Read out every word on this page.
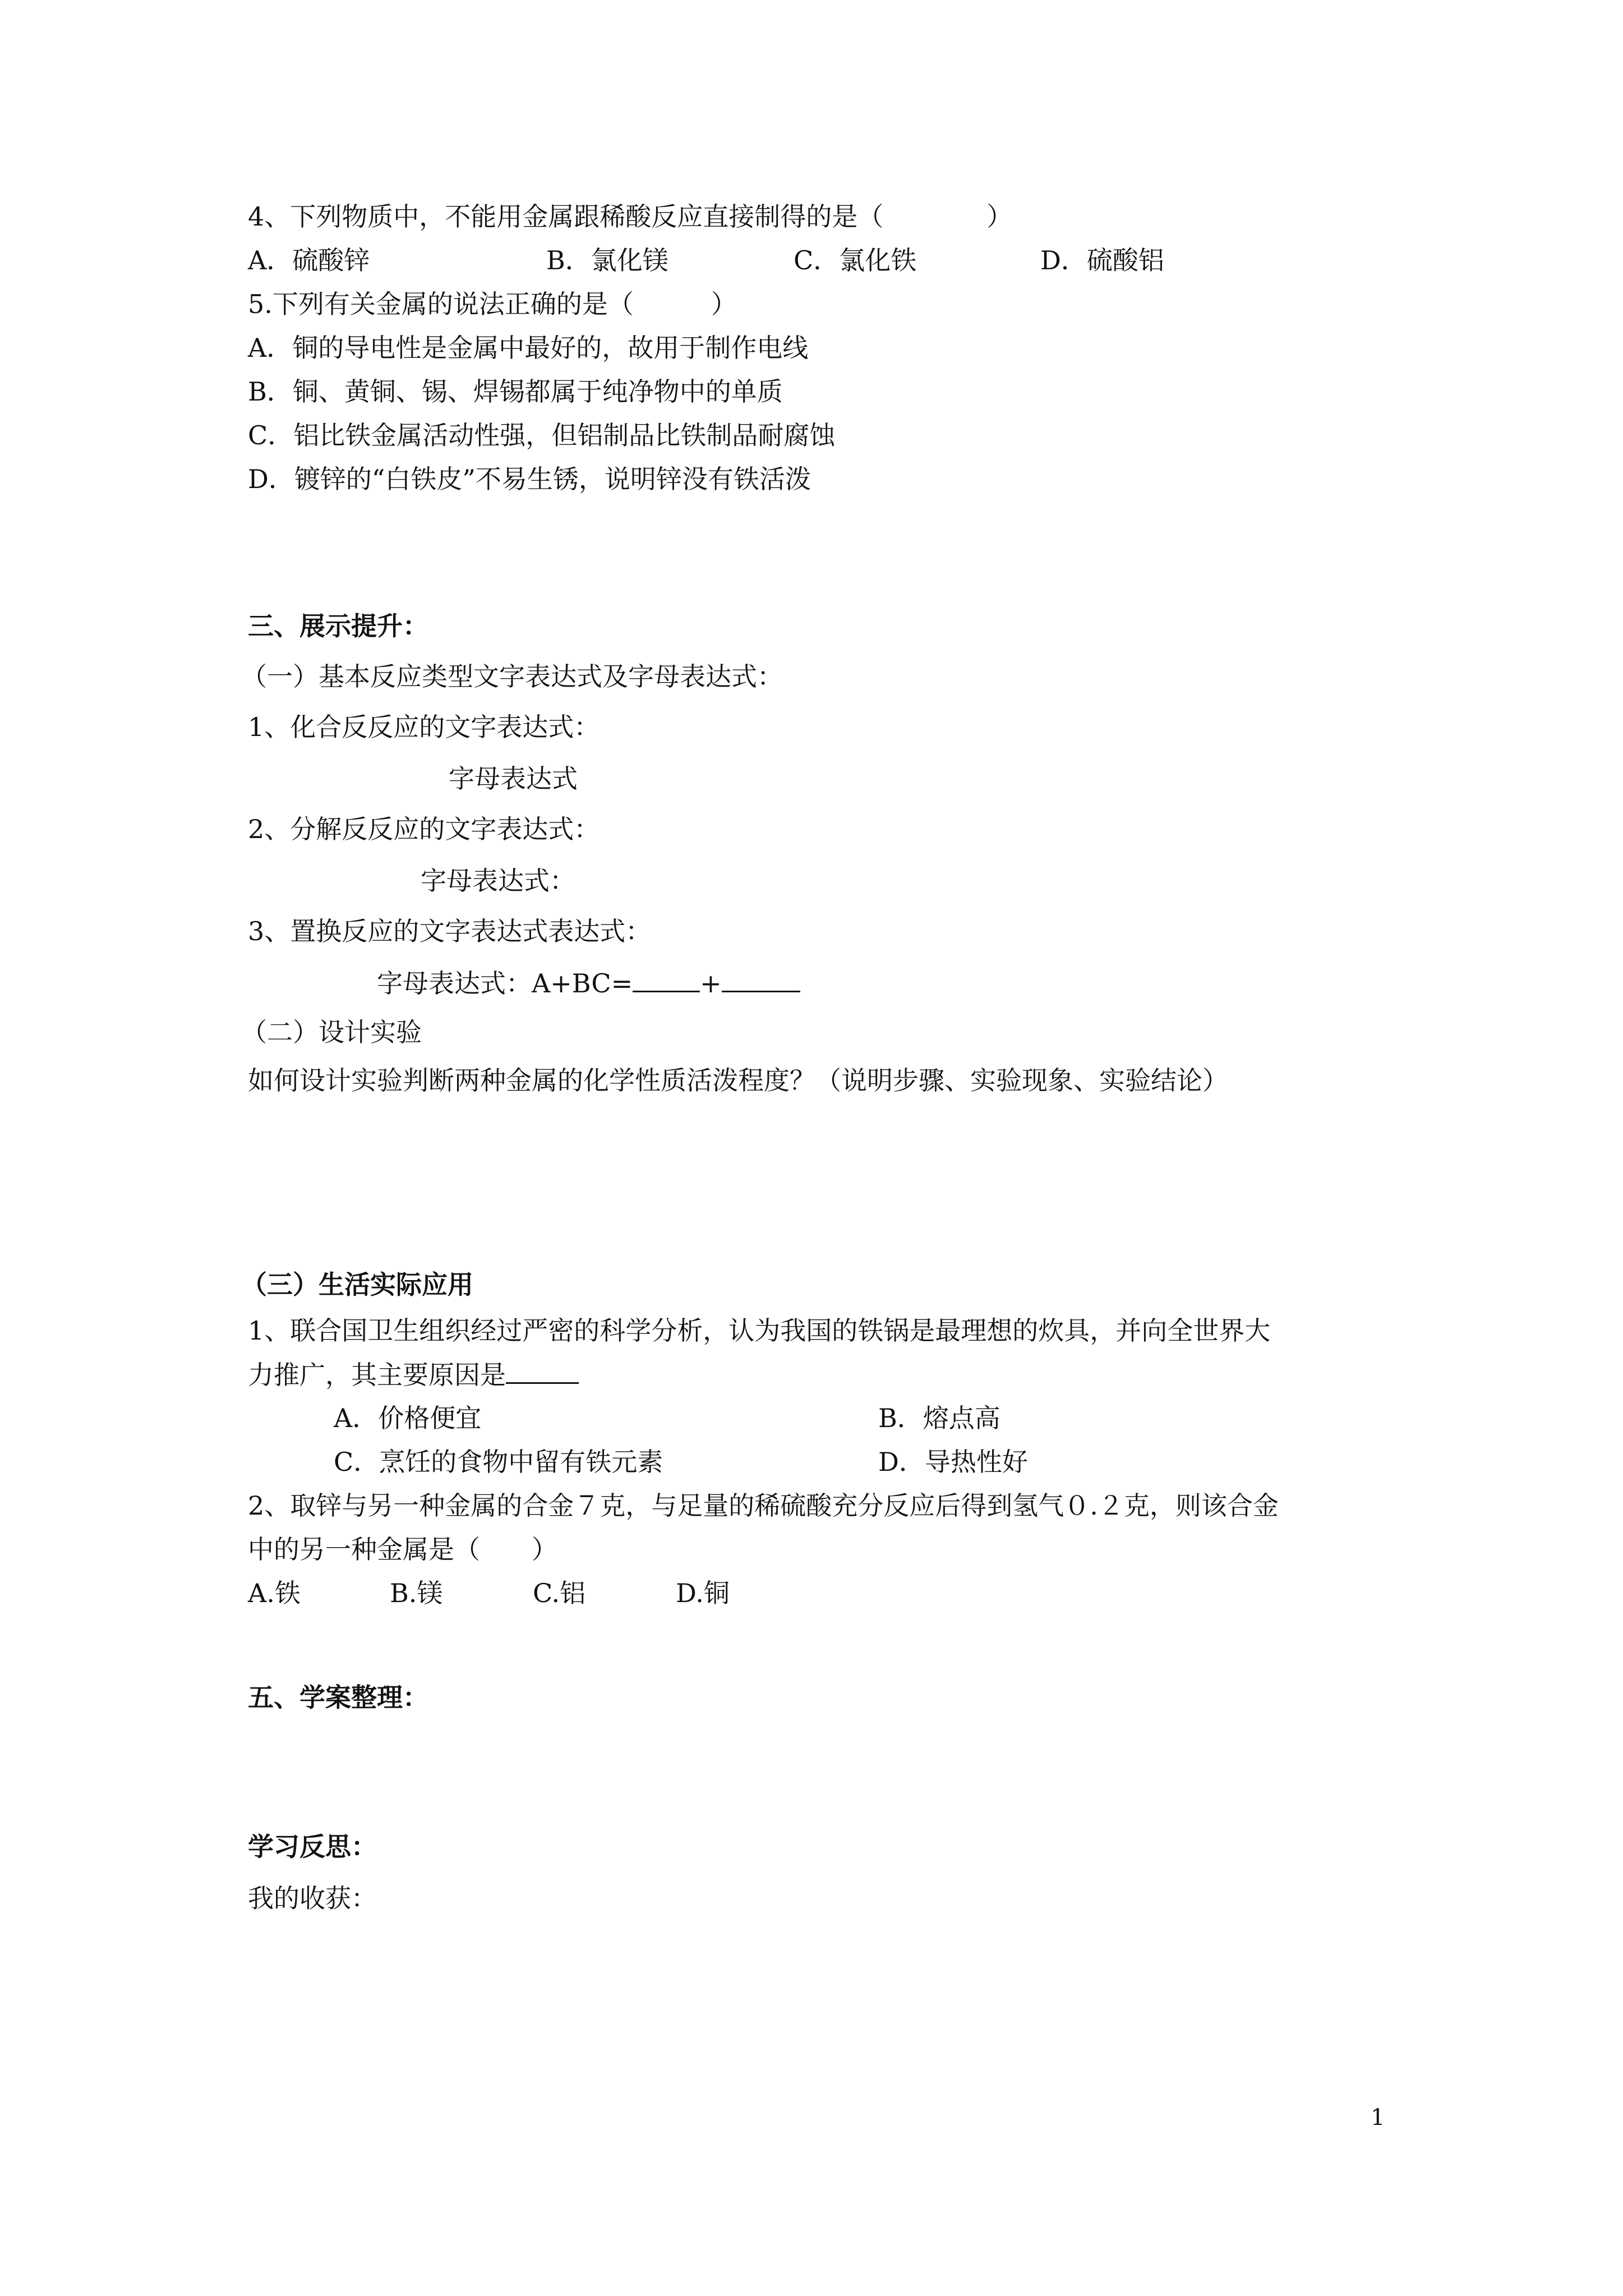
4、下列物质中，不能用金属跟稀酸反应直接制得的是（　　　　）
A．硫酸锌	B．氯化镁	C．氯化铁	D．硫酸铝
5.下列有关金属的说法正确的是（　　　）
A．铜的导电性是金属中最好的，故用于制作电线
B．铜、黄铜、锡、焊锡都属于纯净物中的单质
C．铝比铁金属活动性强，但铝制品比铁制品耐腐蚀
D．镀锌的“白铁皮”不易生锈，说明锌没有铁活泼
三、展示提升：
（一）基本反应类型文字表达式及字母表达式：
1、化合反反应的文字表达式：
字母表达式
2、分解反反应的文字表达式：
字母表达式：
3、置换反应的文字表达式表达式：
字母表达式：A+BC=	+
（二）设计实验
如何设计实验判断两种金属的化学性质活泼程度？（说明步骤、实验现象、实验结论）
（三）生活实际应用
1、联合国卫生组织经过严密的科学分析，认为我国的铁锅是最理想的炊具，并向全世界大
力推广，其主要原因是
A．价格便宜	B．熔点高
C．烹饪的食物中留有铁元素	D．导热性好
2、取锌与另一种金属的合金７克，与足量的稀硫酸充分反应后得到氢气０.２克，则该合金
中的另一种金属是（　　）
A.铁	B.镁	C.铝	D.铜
五、学案整理：
学习反思：
我的收获：
1
